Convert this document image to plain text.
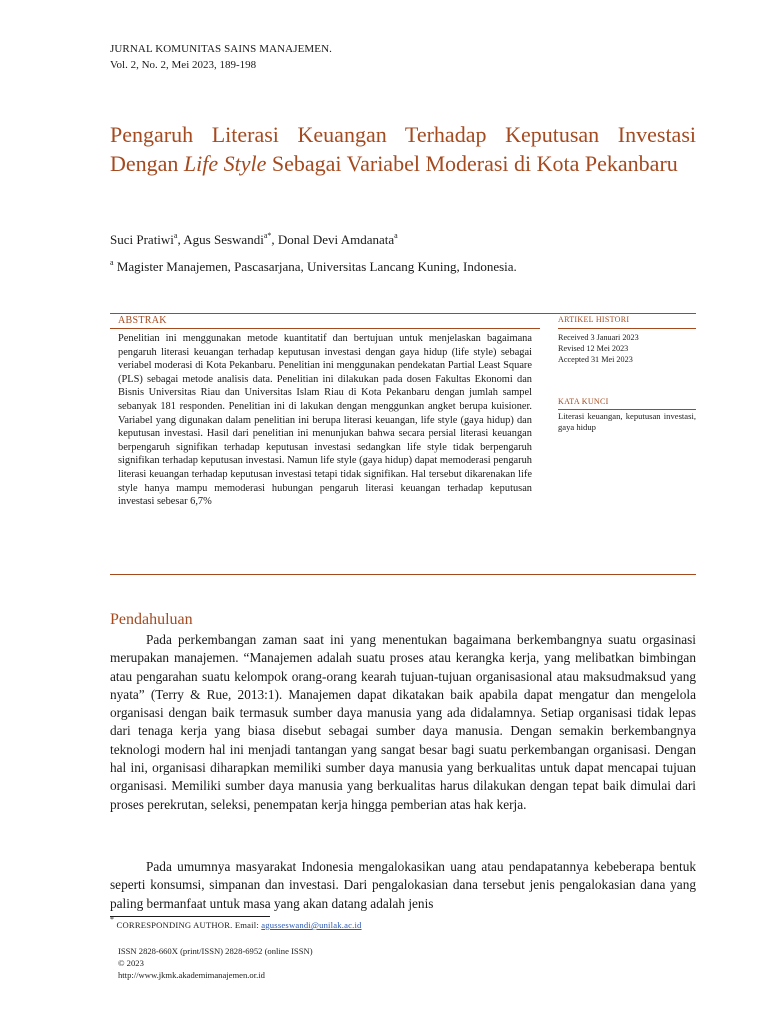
JURNAL KOMUNITAS SAINS MANAJEMEN.
Vol. 2, No. 2, Mei 2023, 189-198
Pengaruh Literasi Keuangan Terhadap Keputusan Investasi Dengan Life Style Sebagai Variabel Moderasi di Kota Pekanbaru
Suci Pratiwi$^a$, Agus Seswandi$^{a*}$, Donal Devi Amdanata$^a$
$^a$ Magister Manajemen, Pascasarjana, Universitas Lancang Kuning, Indonesia.
ABSTRAK
Penelitian ini menggunakan metode kuantitatif dan bertujuan untuk menjelaskan bagaimana pengaruh literasi keuangan terhadap keputusan investasi dengan gaya hidup (life style) sebagai veriabel moderasi di Kota Pekanbaru. Penelitian ini menggunakan pendekatan Partial Least Square (PLS) sebagai metode analisis data. Penelitian ini dilakukan pada dosen Fakultas Ekonomi dan Bisnis Universitas Riau dan Universitas Islam Riau di Kota Pekanbaru dengan jumlah sampel sebanyak 181 responden. Penelitian ini di lakukan dengan menggunkan angket berupa kuisioner. Variabel yang digunakan dalam penelitian ini berupa literasi keuangan, life style (gaya hidup) dan keputusan investasi. Hasil dari penelitian ini menunjukan bahwa secara persial literasi keuangan berpengaruh signifikan terhadap keputusan investasi sedangkan life style tidak berpengaruh signifikan terhadap keputusan investasi. Namun life style (gaya hidup) dapat memoderasi pengaruh literasi keuangan terhadap keputusan investasi tetapi tidak signifikan. Hal tersebut dikarenakan life style hanya mampu memoderasi hubungan pengaruh literasi keuangan terhadap keputusan investasi sebesar 6,7%
ARTIKEL HISTORI
Received 3 Januari 2023
Revised 12 Mei 2023
Accepted 31 Mei 2023
KATA KUNCI
Literasi keuangan, keputusan investasi, gaya hidup
Pendahuluan

Pada perkembangan zaman saat ini yang menentukan bagaimana berkembangnya suatu orgasinasi merupakan manajemen. “Manajemen adalah suatu proses atau kerangka kerja, yang melibatkan bimbingan atau pengarahan suatu kelompok orang-orang kearah tujuan-tujuan organisasional atau maksudmaksud yang nyata” (Terry & Rue, 2013:1). Manajemen dapat dikatakan baik apabila dapat mengatur dan mengelola organisasi dengan baik termasuk sumber daya manusia yang ada didalamnya. Setiap organisasi tidak lepas dari tenaga kerja yang biasa disebut sebagai sumber daya manusia. Dengan semakin berkembangnya teknologi modern hal ini menjadi tantangan yang sangat besar bagi suatu perkembangan organisasi. Dengan hal ini, organisasi diharapkan memiliki sumber daya manusia yang berkualitas untuk dapat mencapai tujuan organisasi. Memiliki sumber daya manusia yang berkualitas harus dilakukan dengan tepat baik dimulai dari proses perekrutan, seleksi, penempatan kerja hingga pemberian atas hak kerja.

Pada umumnya masyarakat Indonesia mengalokasikan uang atau pendapatannya kebeberapa bentuk seperti konsumsi, simpanan dan investasi. Dari pengalokasian dana tersebut jenis pengalokasian dana yang paling bermanfaat untuk masa yang akan datang adalah jenis

* CORRESPONDING AUTHOR. Email: agusseswandi@unilak.ac.id
ISSN 2828-660X (print/ISSN) 2828-6952 (online ISSN)
© 2023
http://www.jkmk.akademimanajemen.or.id
